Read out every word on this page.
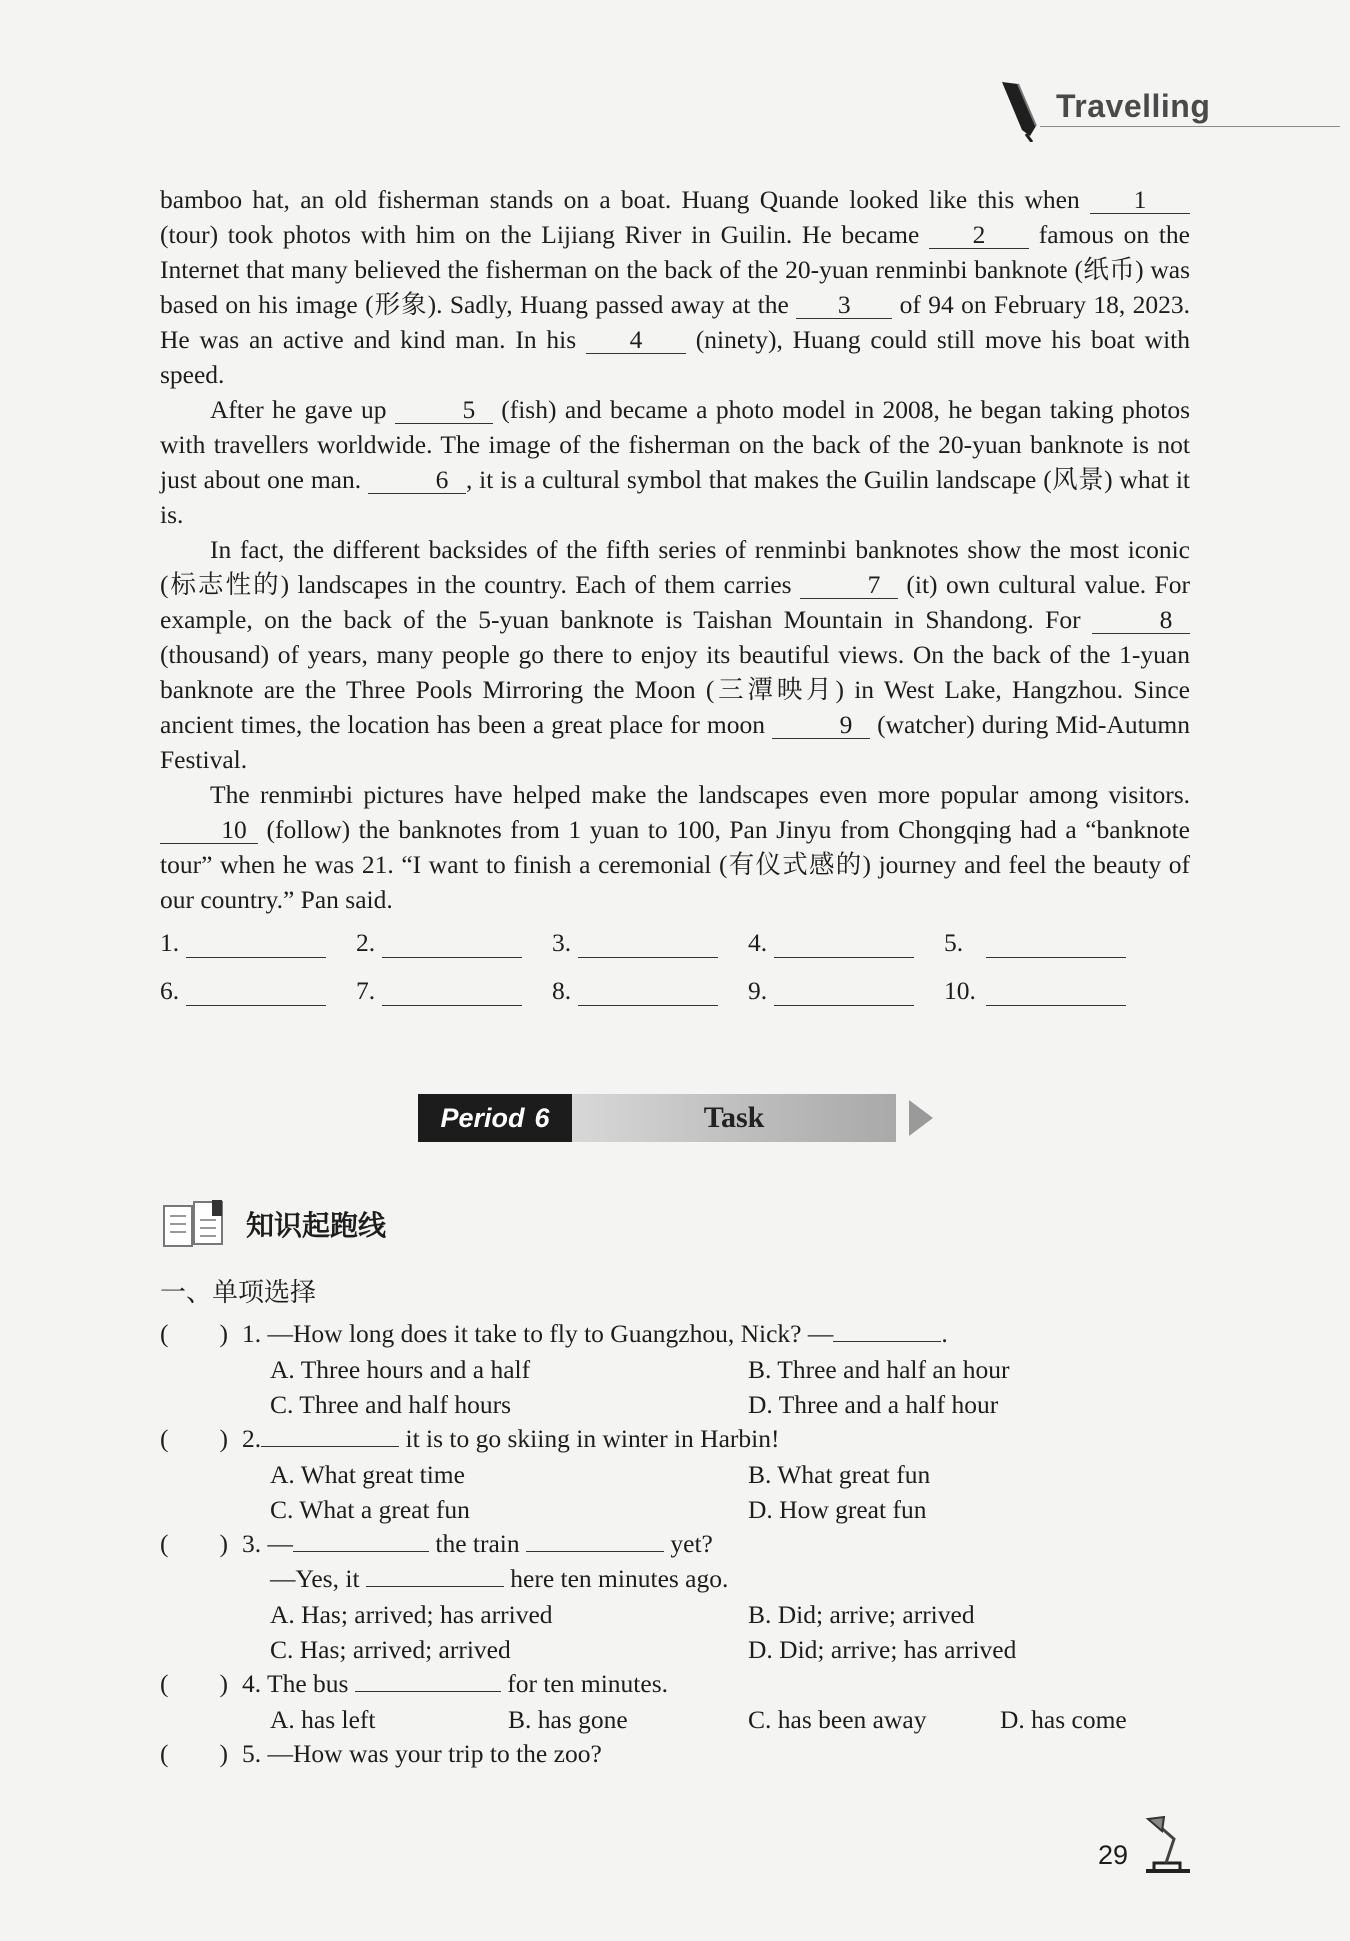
Travelling

bamboo hat, an old fisherman stands on a boat. Huang Quande looked like this when 1 (tour) took photos with him on the Lijiang River in Guilin. He became 2 famous on the Internet that many believed the fisherman on the back of the 20-yuan renminbi banknote (纸币) was based on his image (形象). Sadly, Huang passed away at the 3 of 94 on February 18, 2023. He was an active and kind man. In his 4 (ninety), Huang could still move his boat with speed.

After he gave up	5 (fish) and became a photo model in 2008, he began taking photos with travellers worldwide. The image of the fisherman on the back of the 20-yuan banknote is not just about one man.	6 , it is a cultural symbol that makes the Guilin landscape (风景) what it is.

In fact, the different backsides of the fifth series of renminbi banknotes show the most iconic (标志性的) landscapes in the country. Each of them carries	7 (it) own cultural value. For example, on the back of the 5-yuan banknote is Taishan Mountain in Shandong. For	8 (thousand) of years, many people go there to enjoy its beautiful views. On the back of the 1-yuan banknote are the Three Pools Mirroring the Moon (三潭映月) in West Lake, Hangzhou. Since ancient times, the location has been a great place for moon	9 (watcher) during Mid-Autumn Festival.

The renmінbi pictures have helped make the landscapes even more popular among visitors. 10 (follow) the banknotes from 1 yuan to 100, Pan Jinyu from Chongqing had a “banknote tour” when he was 21. “I want to finish a ceremonial (有仪式感的) journey and feel the beauty of our country.” Pan said.

1.	2.	3.	4.	5.
6.	7.	8.	9.	10.
Period 6	Task
知识起跑线
一、单项选择
(　　) 1. —How long does it take to fly to Guangzhou, Nick? —	.
A. Three hours and a half	B. Three and half an hour
C. Three and half hours	D. Three and a half hour
(　　) 2.	it is to go skiing in winter in Harbin!
A. What great time	B. What great fun
C. What a great fun	D. How great fun
(　　) 3. —	the train	yet?
—Yes, it	here ten minutes ago.
A. Has; arrived; has arrived	B. Did; arrive; arrived
C. Has; arrived; arrived	D. Did; arrive; has arrived
(　　) 4. The bus	for ten minutes.
A. has left	B. has gone	C. has been away	D. has come
(　　) 5. —How was your trip to the zoo?
29
